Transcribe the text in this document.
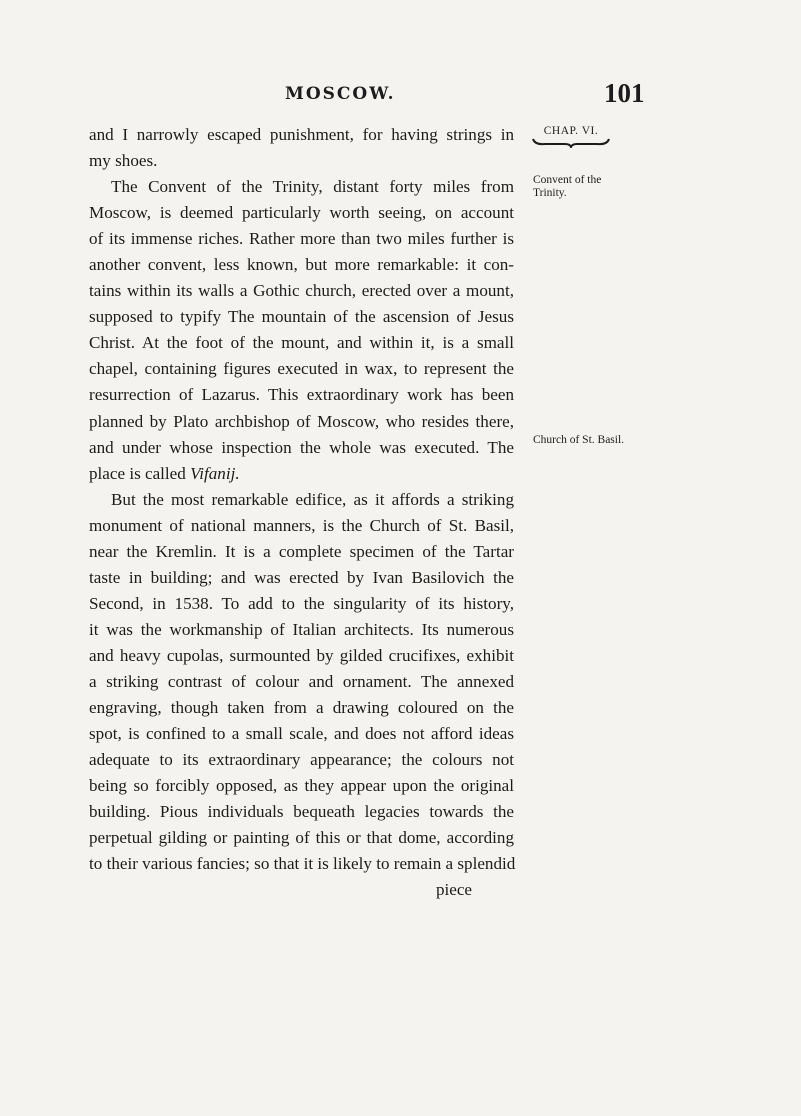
MOSCOW.	101
CHAP. VI.
Convent of the Trinity.
Church of St. Basil.
and I narrowly escaped punishment, for having strings in
my shoes.
The Convent of the Trinity, distant forty miles from
Moscow, is deemed particularly worth seeing, on account
of its immense riches. Rather more than two miles further is
another convent, less known, but more remarkable: it con-
tains within its walls a Gothic church, erected over a mount,
supposed to typify The mountain of the ascension of Jesus
Christ. At the foot of the mount, and within it, is a small
chapel, containing figures executed in wax, to represent the
resurrection of Lazarus. This extraordinary work has been
planned by Plato archbishop of Moscow, who resides there,
and under whose inspection the whole was executed. The
place is called Vifanij.
But the most remarkable edifice, as it affords a striking
monument of national manners, is the Church of St. Basil,
near the Kremlin. It is a complete specimen of the Tartar
taste in building; and was erected by Ivan Basilovich the
Second, in 1538. To add to the singularity of its history,
it was the workmanship of Italian architects. Its numerous
and heavy cupolas, surmounted by gilded crucifixes, exhibit
a striking contrast of colour and ornament. The annexed
engraving, though taken from a drawing coloured on the
spot, is confined to a small scale, and does not afford ideas
adequate to its extraordinary appearance; the colours not
being so forcibly opposed, as they appear upon the original
building. Pious individuals bequeath legacies towards the
perpetual gilding or painting of this or that dome, according
to their various fancies; so that it is likely to remain a splendid
piece
